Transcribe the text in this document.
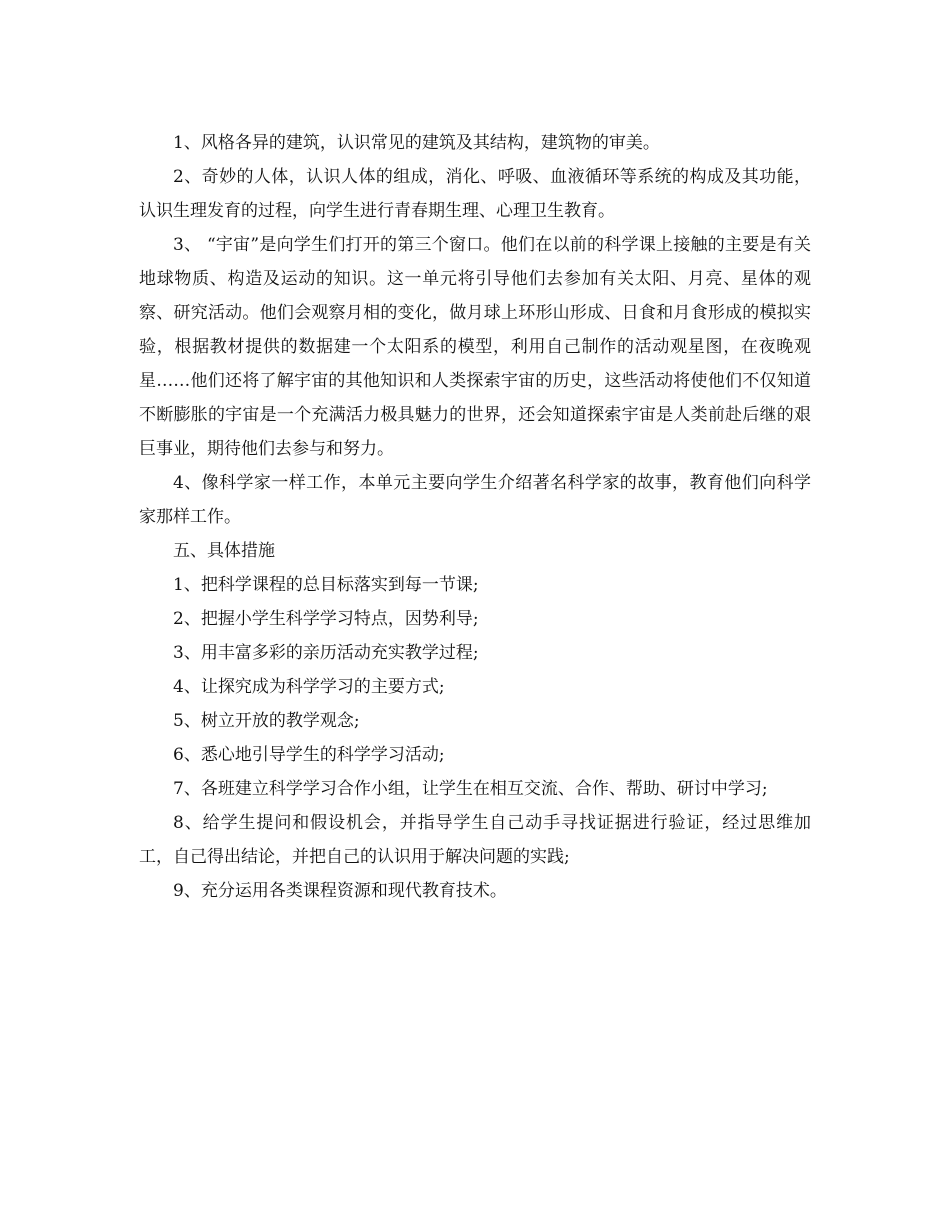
1、风格各异的建筑，认识常见的建筑及其结构，建筑物的审美。

2、奇妙的人体，认识人体的组成，消化、呼吸、血液循环等系统的构成及其功能，认识生理发育的过程，向学生进行青春期生理、心理卫生教育。

3、 “宇宙”是向学生们打开的第三个窗口。他们在以前的科学课上接触的主要是有关地球物质、构造及运动的知识。这一单元将引导他们去参加有关太阳、月亮、星体的观察、研究活动。他们会观察月相的变化，做月球上环形山形成、日食和月食形成的模拟实验，根据教材提供的数据建一个太阳系的模型，利用自己制作的活动观星图，在夜晚观星……他们还将了解宇宙的其他知识和人类探索宇宙的历史，这些活动将使他们不仅知道不断膨胀的宇宙是一个充满活力极具魅力的世界，还会知道探索宇宙是人类前赴后继的艰巨事业，期待他们去参与和努力。

4、像科学家一样工作，本单元主要向学生介绍著名科学家的故事，教育他们向科学家那样工作。

五、具体措施

1、把科学课程的总目标落实到每一节课;

2、把握小学生科学学习特点，因势利导;

3、用丰富多彩的亲历活动充实教学过程;

4、让探究成为科学学习的主要方式;

5、树立开放的教学观念;

6、悉心地引导学生的科学学习活动;

7、各班建立科学学习合作小组，让学生在相互交流、合作、帮助、研讨中学习;

8、给学生提问和假设机会，并指导学生自己动手寻找证据进行验证，经过思维加工，自己得出结论，并把自己的认识用于解决问题的实践;

9、充分运用各类课程资源和现代教育技术。
